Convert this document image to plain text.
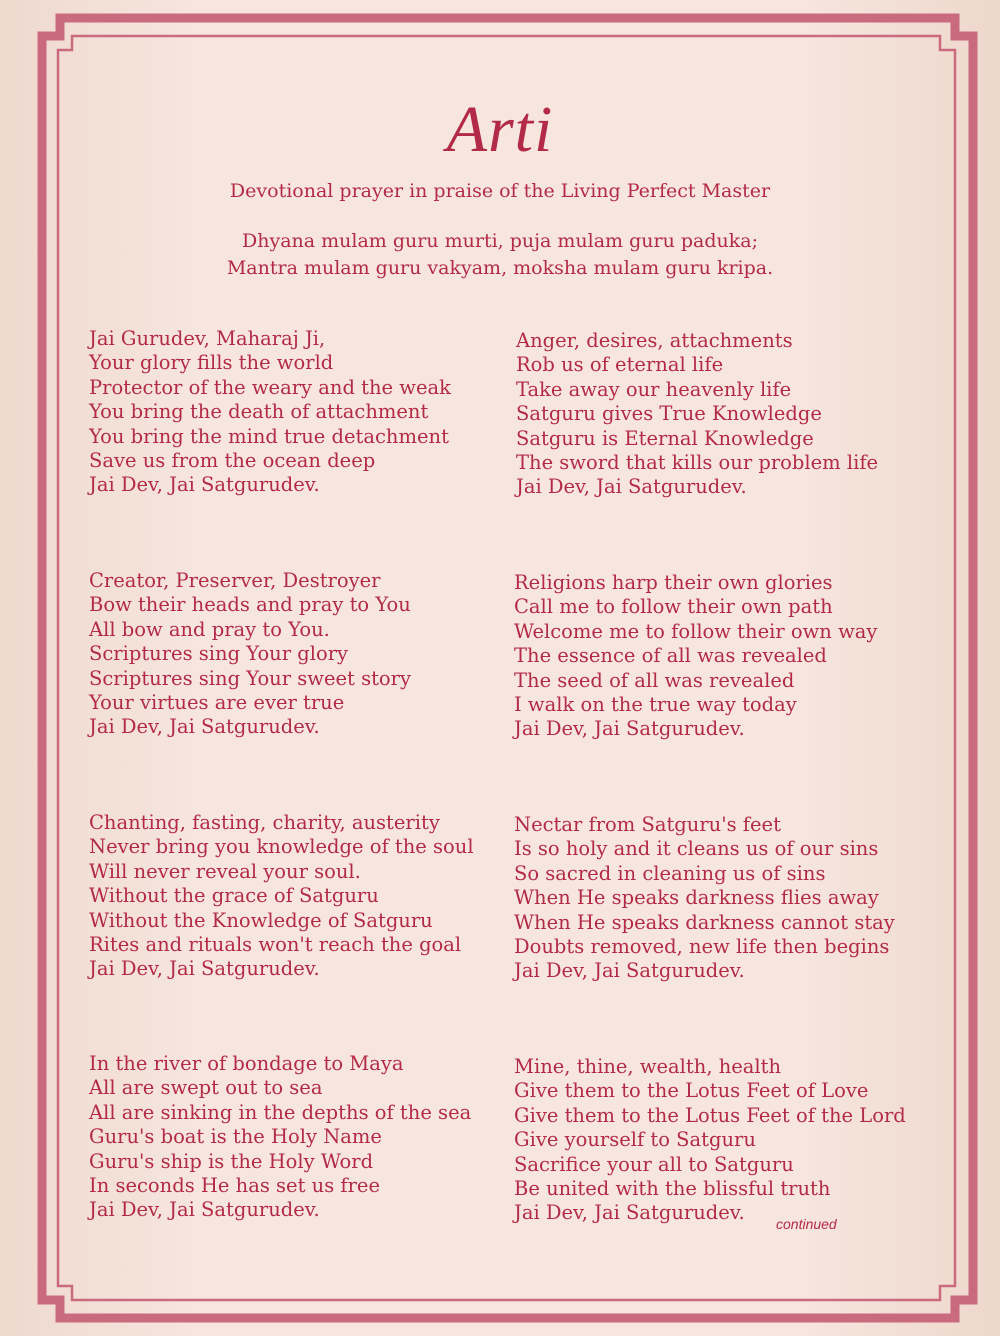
Arti
Devotional prayer in praise of the Living Perfect Master
Dhyana mulam guru murti, puja mulam guru paduka;
Mantra mulam guru vakyam, moksha mulam guru kripa.
Jai Gurudev, Maharaj Ji,
Your glory fills the world
Protector of the weary and the weak
You bring the death of attachment
You bring the mind true detachment
Save us from the ocean deep
Jai Dev, Jai Satgurudev.
Anger, desires, attachments
Rob us of eternal life
Take away our heavenly life
Satguru gives True Knowledge
Satguru is Eternal Knowledge
The sword that kills our problem life
Jai Dev, Jai Satgurudev.
Creator, Preserver, Destroyer
Bow their heads and pray to You
All bow and pray to You.
Scriptures sing Your glory
Scriptures sing Your sweet story
Your virtues are ever true
Jai Dev, Jai Satgurudev.
Religions harp their own glories
Call me to follow their own path
Welcome me to follow their own way
The essence of all was revealed
The seed of all was revealed
I walk on the true way today
Jai Dev, Jai Satgurudev.
Chanting, fasting, charity, austerity
Never bring you knowledge of the soul
Will never reveal your soul.
Without the grace of Satguru
Without the Knowledge of Satguru
Rites and rituals won't reach the goal
Jai Dev, Jai Satgurudev.
Nectar from Satguru's feet
Is so holy and it cleans us of our sins
So sacred in cleaning us of sins
When He speaks darkness flies away
When He speaks darkness cannot stay
Doubts removed, new life then begins
Jai Dev, Jai Satgurudev.
In the river of bondage to Maya
All are swept out to sea
All are sinking in the depths of the sea
Guru's boat is the Holy Name
Guru's ship is the Holy Word
In seconds He has set us free
Jai Dev, Jai Satgurudev.
Mine, thine, wealth, health
Give them to the Lotus Feet of Love
Give them to the Lotus Feet of the Lord
Give yourself to Satguru
Sacrifice your all to Satguru
Be united with the blissful truth
Jai Dev, Jai Satgurudev.	continued
